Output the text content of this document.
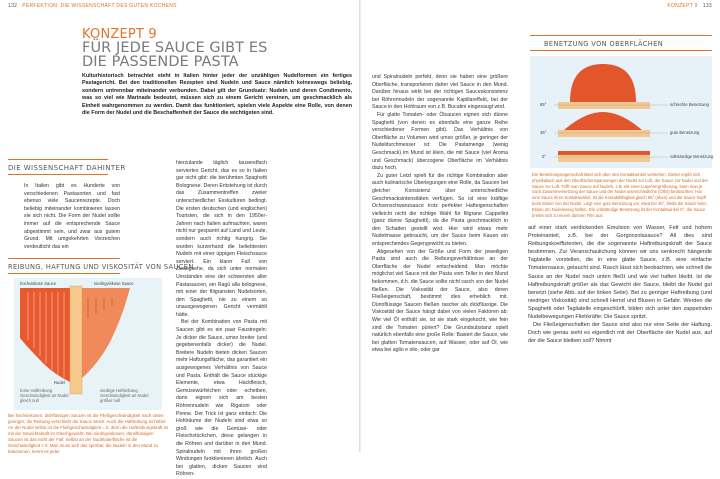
132 PERFEKTION: DIE WISSENSCHAFT DES GUTEN KOCHENS	KONZEPT 9 133
KONZEPT 9
FÜR JEDE SAUCE GIBT ES
DIE PASSENDE PASTA
Kulturhistorisch betrachtet steht in Italien hinter jeder der unzähligen Nudelformen ein fertiges Pastagericht. Bei den traditionellen Rezepten sind Nudeln und Sauce nämlich keineswegs beliebig, sondern untrennbar miteinander verbunden. Dabei gilt der Grundsatz: Nudeln und deren Condimento, was so viel wie Marinade bedeutet, müssen sich zu einem Gericht vereinen, um geschmacklich als Einheit wahrgenommen zu werden. Damit das funktioniert, spielen viele Aspekte eine Rolle, von denen die Form der Nudel und die Beschaffenheit der Sauce die wichtigsten sind.
DIE WISSENSCHAFT DAHINTER

In Italien gibt es Hunderte von verschiedenen Pastasorten und fast ebenso viele Saucenrezepte. Doch beliebig miteinander kombinieren lassen sie sich nicht. Die Form der Nudel sollte immer auf die entsprechende Sauce abgestimmt sein, und zwar aus gutem Grund. Mit umgekehrten Vorzeichen verdeutlicht das ein

REIBUNG, HAFTUNG UND VISKOSITÄT VON SAUCEN
hochviskose Sauce	niedrigviskose Sauce
Nudel
hohe Haftreibung Geschwindigkeit an Nudel gleich null
niedrige Haftreibung Geschwindigkeit an Nudel größer null
Bei hochviskosen, dickflüssigen Saucen ist die Fließgeschwindigkeit nach unten geringer; die Reibung verschiebt die Sauce Stück. Auch die Haftreibung ist höher: An der Nudel selbst ist die Fließgeschwindigkeit = 0, denn die Haftreibungskraft ist mit der Gewichtskraft im Gleichgewicht. Bei niedrigviskosen, dünnflüssigen Saucen ist das nicht der Fall: Selbst an der Nudeloberfläche ist die Geschwindigkeit > 0. Man muss sich das spürbar, die Nudeln in den Mund zu bekommen, kennt es jeder.

hierzulande täglich tausendfach serviertes Gericht, das es so in Italien gar nicht gibt: die berühmten Spaghetti Bolognese. Deren Entstehung ist durch das Zusammentreffen zweier unterschiedlicher Esskulturen bedingt. Die ersten deutschen (und englischen) Touristen, die sich in den 1950er-Jahren nach Italien aufmachten, waren nicht nur gespannt auf Land und Leute, sondern auch richtig hungrig. Sie wurden kurzerhand die beliebtesten Nudeln mit einer üppigen Fleischsauce serviert. Ein klarer Fall von Zwangsehe, da sich unter normalen Umständen eine der schwersten aller Pastasaucen, ein Ragù alla bolognese, mit einer der filigransten Nudelsorten, den Spaghetti, nie zu einem so unausgewogenen Gericht vermählt hätte.

Bei der Kombination von Pasta mit Saucen gibt es ein paar Faustregeln: Je dicker die Sauce, umso breiter (und gegebenenfalls dicker) die Nudel. Breitere Nudeln bieten dicken Saucen mehr Haftungsfläche, das garantiert ein ausgewogenes Verhältnis von Sauce und Pasta. Enthält die Sauce stückige Elemente, etwa Hackfleisch, Gemüsewürfelchen oder -scheiben, dann eignen sich am besten Röhrennudeln wie Rigatoni oder Penne. Der Trick ist ganz einfach: Die Hohlräume der Nudeln sind etwa so groß wie die Gemüse- oder Fleischstückchen, diese gelangen in die Röhren und darüber in den Mund. Spiralnudeln mit ihren großen Windungen funktionieren ähnlich. Auch bei glatten, dicken Saucen sind Röhren-

und Spiralnudeln perfekt, denn sie haben eine größere Oberfläche, transportieren daher viel Sauce in den Mund. Darüber hinaus wirkt bei der richtigen Saucenkonsistenz bei Röhrennudeln der sogenannte Kapillareffekt, bei der Sauce in den Hohlraum von z.B. Bucatini eingesaugt wird.

Für glatte Tomaten- oder Ölsaucen eignen sich dünne Spaghetti (von denen es ebenfalls eine ganze Reihe verschiedener Formen gibt). Das Verhältnis von Oberfläche zu Volumen wird umso größer, je geringer der Nudeldurchmesser ist: Die Pastamenge (wenig Geschmack) im Mund ist klein, die mit Sauce (viel Aroma und Geschmack) überzogene Oberfläche im Verhältnis dazu hoch.

Zu guter Letzt spielt für die richtige Kombination aber auch kulinarische Überlegungen eine Rolle, da Saucen bei gleicher Konsistenz über unterschiedliche Geschmacksintensitäten verfügen. So ist eine kräftige Ochsenschwanzsauce trotz perfekter Hafteigenschaften vielleicht nicht die richtige Wahl für filigrane Cappellini (ganz dünne Spaghetti), da die Pasta geschmacklich in den Schatten gestellt wird. Hier wird etwas mehr Nudelmasse gebraucht, um der Sauce beim Kauen ein entsprechendes Gegengewicht zu bieten.

Abgesehen von der Größe und Form der jeweiligen Pasta sind auch die Reibungsverhältnisse an der Oberfläche der Nudel entscheidend. Man möchte möglichst viel Sauce mit der Pasta vom Teller in den Mund bekommen, d.h. die Sauce sollte nicht rasch von der Nudel fließen. Die Viskosität der Sauce, also deren Fließeigenschaft, bestimmt dies erheblich mit. Dünnflüssige Saucen fließen rascher als dickflüssige. Die Viskosität der Sauce hängt dabei von vielen Faktoren ab: Wie viel Öl enthält sie, ist sie stark eingekocht, wie fein sind die Tomaten püriert? Die Grundsubstanz spielt natürlich ebenfalls eine große Rolle: Basiert die Sauce, wie bei glatten Tomatensaucen, auf Wasser, oder auf Öl, wie etwa bei aglio e olio, oder gar

BENETZUNG VON OBERFLÄCHEN
85°
45°
0°
schlechte Benetzung
gute Benetzung
vollständige Benetzung
Die Benetzungseigenschaft lässt sich über den Kontaktwinkel verstehen. Dieser ergibt sich physikalisch aus den Oberflächenspannungen der Nudel zur Luft, der Sauce zur Nudel und der Sauce zur Luft. Trifft man Sauce auf Nudeln, z.B. mit einer Lupe/Vergrößerung, kann man je nach Zusammensetzung der Sauce und der Nudel unterschiedliche (Ölhö) beobachten: Hat eine Sauce ihren Kontaktwinkel, ist die Kontaktfähigkeit gleich 85° (oben) und die Sauce tropft beim Essen von der Nudel. Liegt eine gute Benetzung vor, etwa bei 45°, bleibt die Sauce beim Essen am Nudelwenig haften. Die vollständige Benetzung ist der Kontaktwinkel 0°, die Sauce breitet sich zu einem dünnen Film aus.

auf einer stark verdickenden Emulsion von Wasser, Fett und hohem Proteinanteil, z.B. bei der Gorgonzolasauce? All dies sind Reibungskoeffizienten, die die sogenannte Haftreibungskraft der Sauce bestimmen. Zur Veranschaulichung können wir uns senkrecht hängende Taglatelle vorstellen, die in eine glatte Sauce, z.B. eine einfache Tomatensauce, getaucht sind. Rasch lässt sich beobachten, wie schnell die Sauce an der Nudel nach unten fließt und wie viel haften bleibt. Ist die Haftreibungskraft größer als das Gewicht der Sauce, bleibt die Nudel gut benetzt (siehe Abb. auf der linken Seite). Bei zu geringer Haftreibung (und niedriger Viskosität) sind schnell Hemd und Blusen in Gefahr. Werden die Spaghetti oder Tagliatelle eingeschlürft, bilden sich unter den zappelnden Nudelbewegungen Fliehkräfte: Die Sauce spritzt.

Die Fließeigenschaften der Sauce sind also nur eine Seite der Haftung. Doch wie genau sieht es eigentlich mit der Oberfläche der Nudel aus, auf der die Sauce bleiben soll? Nimmt
